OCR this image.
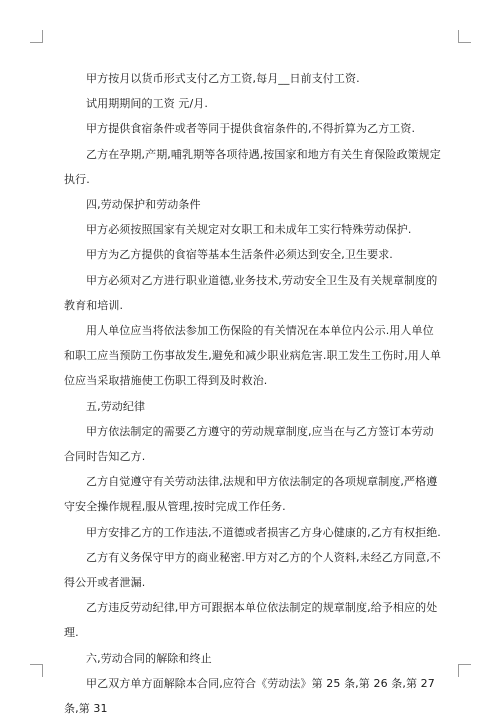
甲方按月以货币形式支付乙方工资,每月__日前支付工资.

试用期期间的工资 元/月.

甲方提供食宿条件或者等同于提供食宿条件的,不得折算为乙方工资.

乙方在孕期,产期,哺乳期等各项待遇,按国家和地方有关生育保险政策规定执行.

四,劳动保护和劳动条件

甲方必须按照国家有关规定对女职工和未成年工实行特殊劳动保护.

甲方为乙方提供的食宿等基本生活条件必须达到安全,卫生要求.

甲方必须对乙方进行职业道德,业务技术,劳动安全卫生及有关规章制度的教育和培训.

用人单位应当将依法参加工伤保险的有关情况在本单位内公示.用人单位和职工应当预防工伤事故发生,避免和减少职业病危害.职工发生工伤时,用人单位应当采取措施使工伤职工得到及时救治.

五,劳动纪律

甲方依法制定的需要乙方遵守的劳动规章制度,应当在与乙方签订本劳动合同时告知乙方.

乙方自觉遵守有关劳动法律,法规和甲方依法制定的各项规章制度,严格遵守安全操作规程,服从管理,按时完成工作任务.

甲方安排乙方的工作违法,不道德或者损害乙方身心健康的,乙方有权拒绝.

乙方有义务保守甲方的商业秘密.甲方对乙方的个人资料,未经乙方同意,不得公开或者泄漏.

乙方违反劳动纪律,甲方可跟据本单位依法制定的规章制度,给予相应的处理.

六,劳动合同的解除和终止

甲乙双方单方面解除本合同,应符合《劳动法》第 25 条,第 26 条,第 27 条,第 31
